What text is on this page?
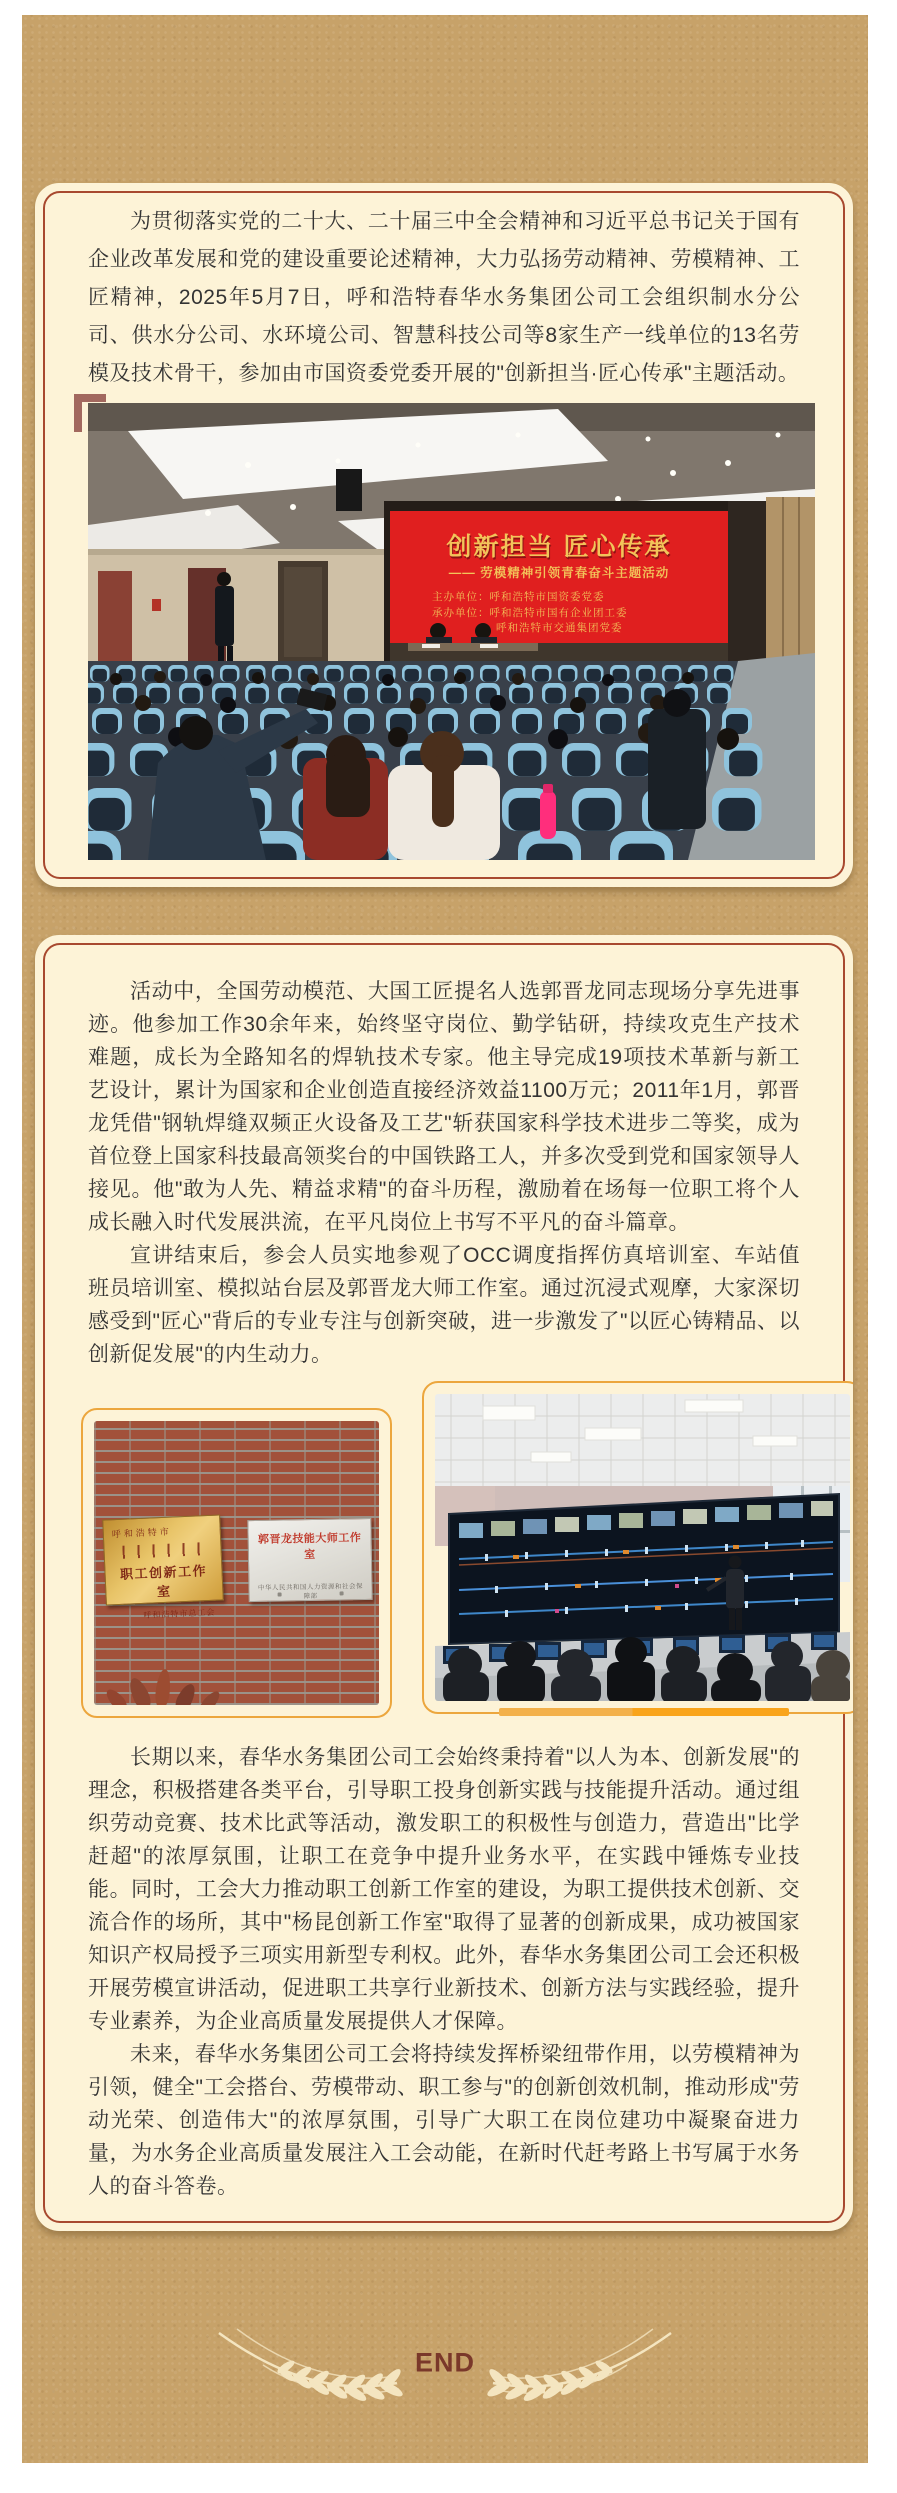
为贯彻落实党的二十大、二十届三中全会精神和习近平总书记关于国有企业改革发展和党的建设重要论述精神，大力弘扬劳动精神、劳模精神、工匠精神，2025年5月7日，呼和浩特春华水务集团公司工会组织制水分公司、供水分公司、水环境公司、智慧科技公司等8家生产一线单位的13名劳模及技术骨干，参加由市国资委党委开展的"创新担当·匠心传承"主题活动。

创新担当 匠心传承
—— 劳模精神引领青春奋斗主题活动
主办单位：呼和浩特市国资委党委
承办单位：呼和浩特市国有企业团工委
呼和浩特市交通集团党委

活动中，全国劳动模范、大国工匠提名人选郭晋龙同志现场分享先进事迹。他参加工作30余年来，始终坚守岗位、勤学钻研，持续攻克生产技术难题，成长为全路知名的焊轨技术专家。他主导完成19项技术革新与新工艺设计，累计为国家和企业创造直接经济效益1100万元；2011年1月，郭晋龙凭借"钢轨焊缝双频正火设备及工艺"斩获国家科学技术进步二等奖，成为首位登上国家科技最高领奖台的中国铁路工人，并多次受到党和国家领导人接见。他"敢为人先、精益求精"的奋斗历程，激励着在场每一位职工将个人成长融入时代发展洪流，在平凡岗位上书写不平凡的奋斗篇章。

宣讲结束后，参会人员实地参观了OCC调度指挥仿真培训室、车站值班员培训室、模拟站台层及郭晋龙大师工作室。通过沉浸式观摩，大家深切感受到"匠心"背后的专业专注与创新突破，进一步激发了"以匠心铸精品、以创新促发展"的内生动力。

呼和浩特市
职工创新工作室
呼和浩特市总工会
郭晋龙技能大师工作室
中华人民共和国人力资源和社会保障部

长期以来，春华水务集团公司工会始终秉持着"以人为本、创新发展"的理念，积极搭建各类平台，引导职工投身创新实践与技能提升活动。通过组织劳动竞赛、技术比武等活动，激发职工的积极性与创造力，营造出"比学赶超"的浓厚氛围，让职工在竞争中提升业务水平，在实践中锤炼专业技能。同时，工会大力推动职工创新工作室的建设，为职工提供技术创新、交流合作的场所，其中"杨昆创新工作室"取得了显著的创新成果，成功被国家知识产权局授予三项实用新型专利权。此外，春华水务集团公司工会还积极开展劳模宣讲活动，促进职工共享行业新技术、创新方法与实践经验，提升专业素养，为企业高质量发展提供人才保障。

未来，春华水务集团公司工会将持续发挥桥梁纽带作用，以劳模精神为引领，健全"工会搭台、劳模带动、职工参与"的创新创效机制，推动形成"劳动光荣、创造伟大"的浓厚氛围，引导广大职工在岗位建功中凝聚奋进力量，为水务企业高质量发展注入工会动能，在新时代赶考路上书写属于水务人的奋斗答卷。

END
